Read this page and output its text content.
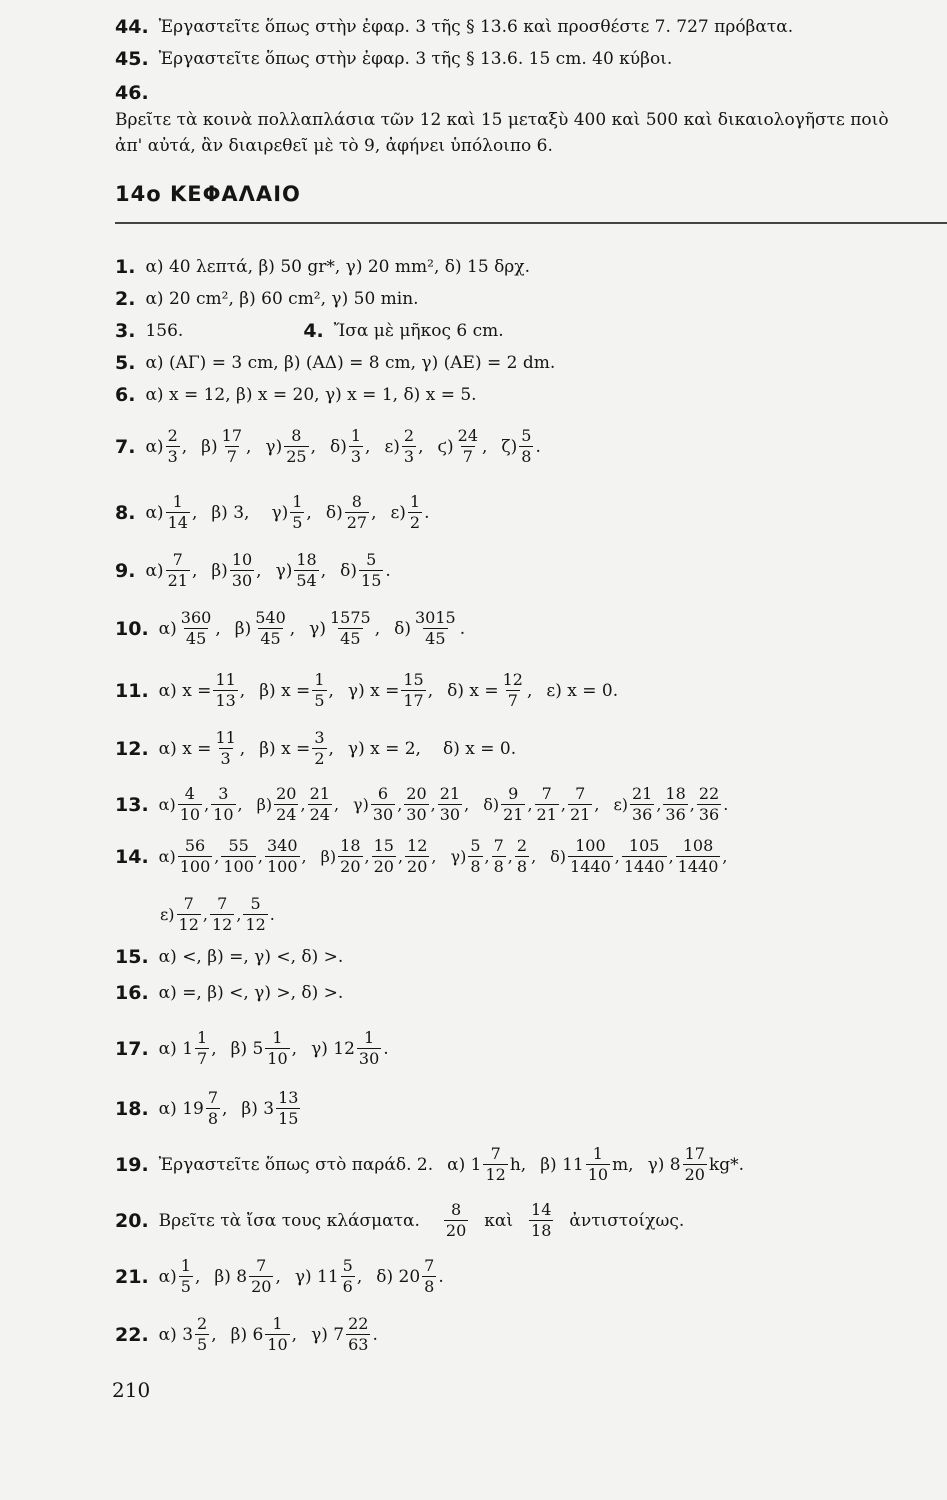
44. Ἐργαστεῖτε ὅπως στὴν ἐφαρ. 3 τῆς § 13.6 καὶ προσθέστε 7. 727 πρόβατα.
45. Ἐργαστεῖτε ὅπως στὴν ἐφαρ. 3 τῆς § 13.6. 15 cm. 40 κύβοι.
46. Βρεῖτε τὰ κοινὰ πολλαπλάσια τῶν 12 καὶ 15 μεταξὺ 400 καὶ 500 καὶ δικαιολογῆστε ποιὸ ἀπ' αὐτά, ἂν διαιρεθεῖ μὲ τὸ 9, ἀφήνει ὑπόλοιπο 6.
14ο ΚΕΦΑΛΑΙΟ
1. α) 40 λεπτά, β) 50 gr*, γ) 20 mm², δ) 15 δρχ.
2. α) 20 cm², β) 60 cm², γ) 50 min.
3. 156.	4. Ἴσα μὲ μῆκος 6 cm.
5. α) (ΑΓ) = 3 cm, β) (ΑΔ) = 8 cm, γ) (ΑΕ) = 2 dm.
6. α) x = 12, β) x = 20, γ) x = 1, δ) x = 5.
7. $\alpha) \frac{2}{3}$ , $\beta) \frac{17}{7}$ , $\gamma) \frac{8}{25}$ , $\delta) \frac{1}{3}$ , $\varepsilon) \frac{2}{3}$ , $ϛ) \frac{24}{7}$ , $\zeta) \frac{5}{8}$ .
8. $\alpha) \frac{1}{14}$ , β) 3, $\gamma) \frac{1}{5}$ , $\delta) \frac{8}{27}$ , $\varepsilon) \frac{1}{2}$ .
9. $\alpha) \frac{7}{21}$ , $\beta) \frac{10}{30}$ , $\gamma) \frac{18}{54}$ , $\delta) \frac{5}{15}$ .
10. $\alpha) \frac{360}{45}$ , $\beta) \frac{540}{45}$ , $\gamma) \frac{1575}{45}$ , $\delta) \frac{3015}{45}$ .
11. α) $x = \frac{11}{13}$ , β) $x = \frac{1}{5}$ , γ) $x = \frac{15}{17}$ , δ) $x = \frac{12}{7}$ , ε) x = 0.
12. α) $x = \frac{11}{3}$ , β) $x = \frac{3}{2}$ , γ) x = 2, δ) x = 0.
13. $\alpha) \frac{4}{10}$ , $\frac{3}{10}$ , $\beta) \frac{20}{24}$ , $\frac{21}{24}$ , $\gamma) \frac{6}{30}$ , $\frac{20}{30}$ , $\frac{21}{30}$ , $\delta) \frac{9}{21}$ , $\frac{7}{21}$ , $\frac{7}{21}$ , $\varepsilon) \frac{21}{36}$ , $\frac{18}{36}$ , $\frac{22}{36}$ .
14. $\alpha) \frac{56}{100}$ , $\frac{55}{100}$ , $\frac{340}{100}$ , $\beta) \frac{18}{20}$ , $\frac{15}{20}$ , $\frac{12}{20}$ , $\gamma) \frac{5}{8}$ , $\frac{7}{8}$ , $\frac{2}{8}$ , $\delta) \frac{100}{1440}$ , $\frac{105}{1440}$ , $\frac{108}{1440}$ ,
$\varepsilon) \frac{7}{12}$ , $\frac{7}{12}$ , $\frac{5}{12}$ .
15. α) <, β) =, γ) <, δ) >.
16. α) =, β) <, γ) >, δ) >.
17. α) $1 \frac{1}{7}$ , β) $5 \frac{1}{10}$ , γ) $12 \frac{1}{30}$ .
18. α) $19 \frac{7}{8}$ , β) $3 \frac{13}{15}$
19. Ἐργαστεῖτε ὅπως στὸ παράδ. 2. α) $1 \frac{7}{12} h$, β) $11 \frac{1}{10} m$, γ) $8 \frac{17}{20} kg*$.
20. Βρεῖτε τὰ ἴσα τους κλάσματα. $\frac{8}{20}$ καὶ $\frac{14}{18}$ ἀντιστοίχως.
21. $\alpha) \frac{1}{5}$ , β) $8 \frac{7}{20}$ , γ) $11 \frac{5}{6}$ , δ) $20 \frac{7}{8}$ .
22. α) $3 \frac{2}{5}$ , β) $6 \frac{1}{10}$ , γ) $7 \frac{22}{63}$ .
210
